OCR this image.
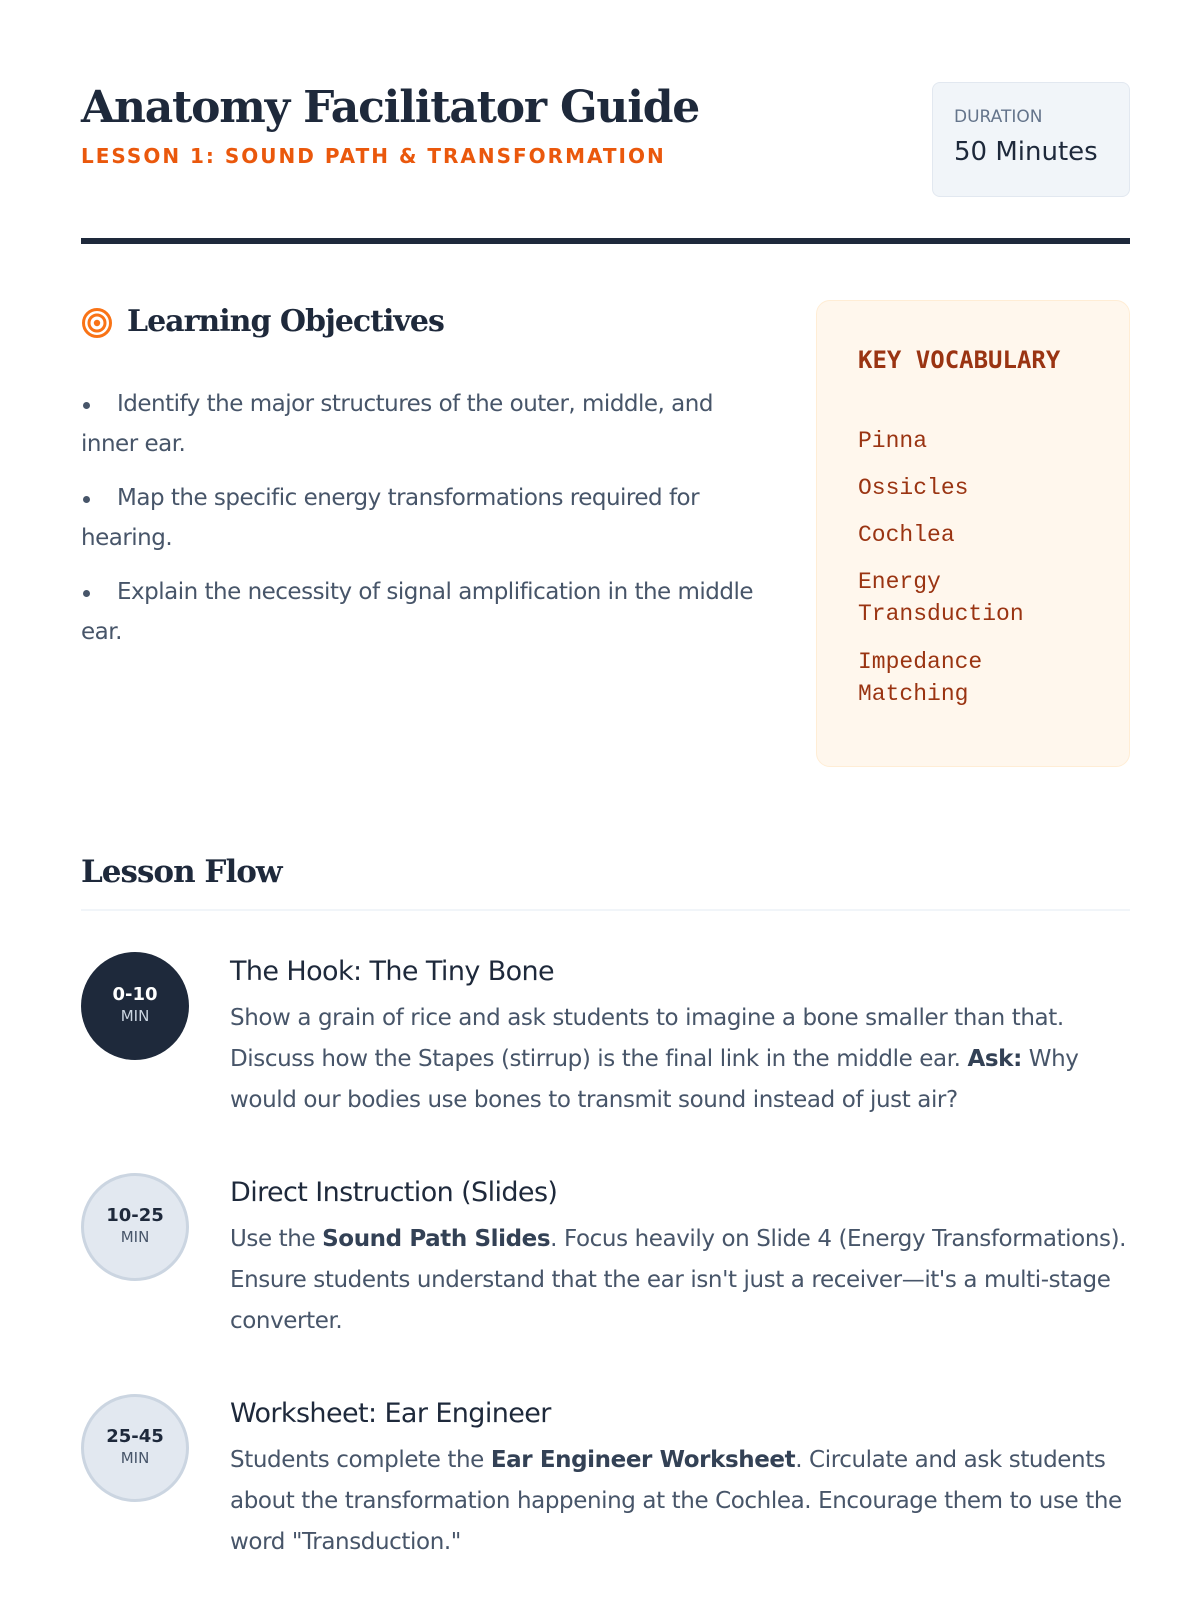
Anatomy Facilitator Guide
LESSON 1: SOUND PATH & TRANSFORMATION
DURATION
50 Minutes
Learning Objectives
Identify the major structures of the outer, middle, and inner ear.
Map the specific energy transformations required for hearing.
Explain the necessity of signal amplification in the middle ear.
KEY VOCABULARY
Pinna
Ossicles
Cochlea
Energy Transduction
Impedance Matching
Lesson Flow
0-10
MIN
The Hook: The Tiny Bone
Show a grain of rice and ask students to imagine a bone smaller than that. Discuss how the Stapes (stirrup) is the final link in the middle ear. Ask: Why would our bodies use bones to transmit sound instead of just air?
10-25
MIN
Direct Instruction (Slides)
Use the Sound Path Slides. Focus heavily on Slide 4 (Energy Transformations). Ensure students understand that the ear isn't just a receiver—it's a multi-stage converter.
25-45
MIN
Worksheet: Ear Engineer
Students complete the Ear Engineer Worksheet. Circulate and ask students about the transformation happening at the Cochlea. Encourage them to use the word "Transduction."
